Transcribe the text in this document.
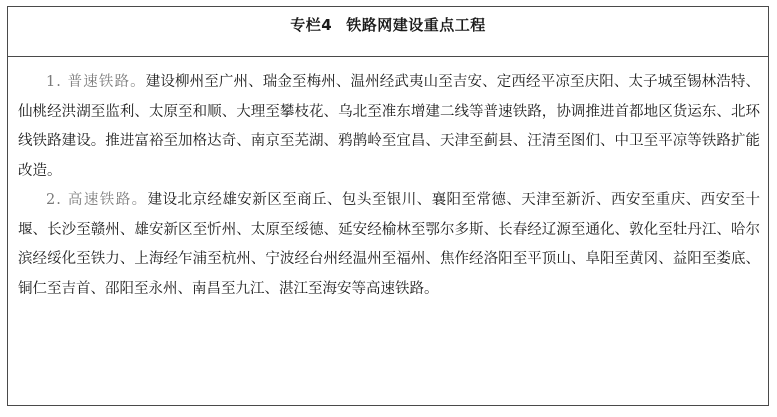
专栏4 铁路网建设重点工程

1. 普速铁路。建设柳州至广州、瑞金至梅州、温州经武夷山至吉安、定西经平凉至庆阳、太子城至锡林浩特、仙桃经洪湖至监利、太原至和顺、大理至攀枝花、乌北至准东增建二线等普速铁路，协调推进首都地区货运东、北环线铁路建设。推进富裕至加格达奇、南京至芜湖、鸦鹊岭至宜昌、天津至蓟县、汪清至图们、中卫至平凉等铁路扩能改造。

2. 高速铁路。建设北京经雄安新区至商丘、包头至银川、襄阳至常德、天津至新沂、西安至重庆、西安至十堰、长沙至赣州、雄安新区至忻州、太原至绥德、延安经榆林至鄂尔多斯、长春经辽源至通化、敦化至牡丹江、哈尔滨经绥化至铁力、上海经乍浦至杭州、宁波经台州经温州至福州、焦作经洛阳至平顶山、阜阳至黄冈、益阳至娄底、铜仁至吉首、邵阳至永州、南昌至九江、湛江至海安等高速铁路。
